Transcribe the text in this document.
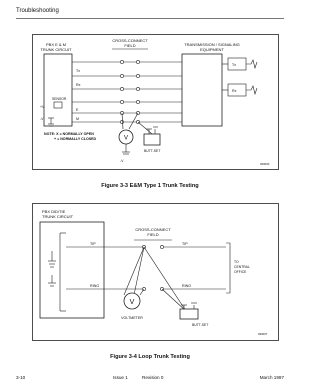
Troubleshooting
PBX E & M
TRUNK CIRCUIT
CROSS-CONNECT
FIELD	TRANSMISSION / SIGNALING
EQUIPMENT
Tx
Rx
E
M
Tx
Rx
SENSOR
+V
-V
NOTE: X = NORMALLY OPEN
+ = NORMALLY CLOSED	V
-V
BUTT-SET
030000
Figure 3-3 E&M Type 1 Trunk Testing
PBX DID/TIE
TRUNK CIRCUIT
CROSS-CONNECT
FIELD
TIP	TIP
RING	RING
TO
CENTRAL
OFFICE
V
VOLTMETER
BUTT-SET
030007
Figure 3-4 Loop Trunk Testing
3-10	Issue 1	Revision 0	March 1997
